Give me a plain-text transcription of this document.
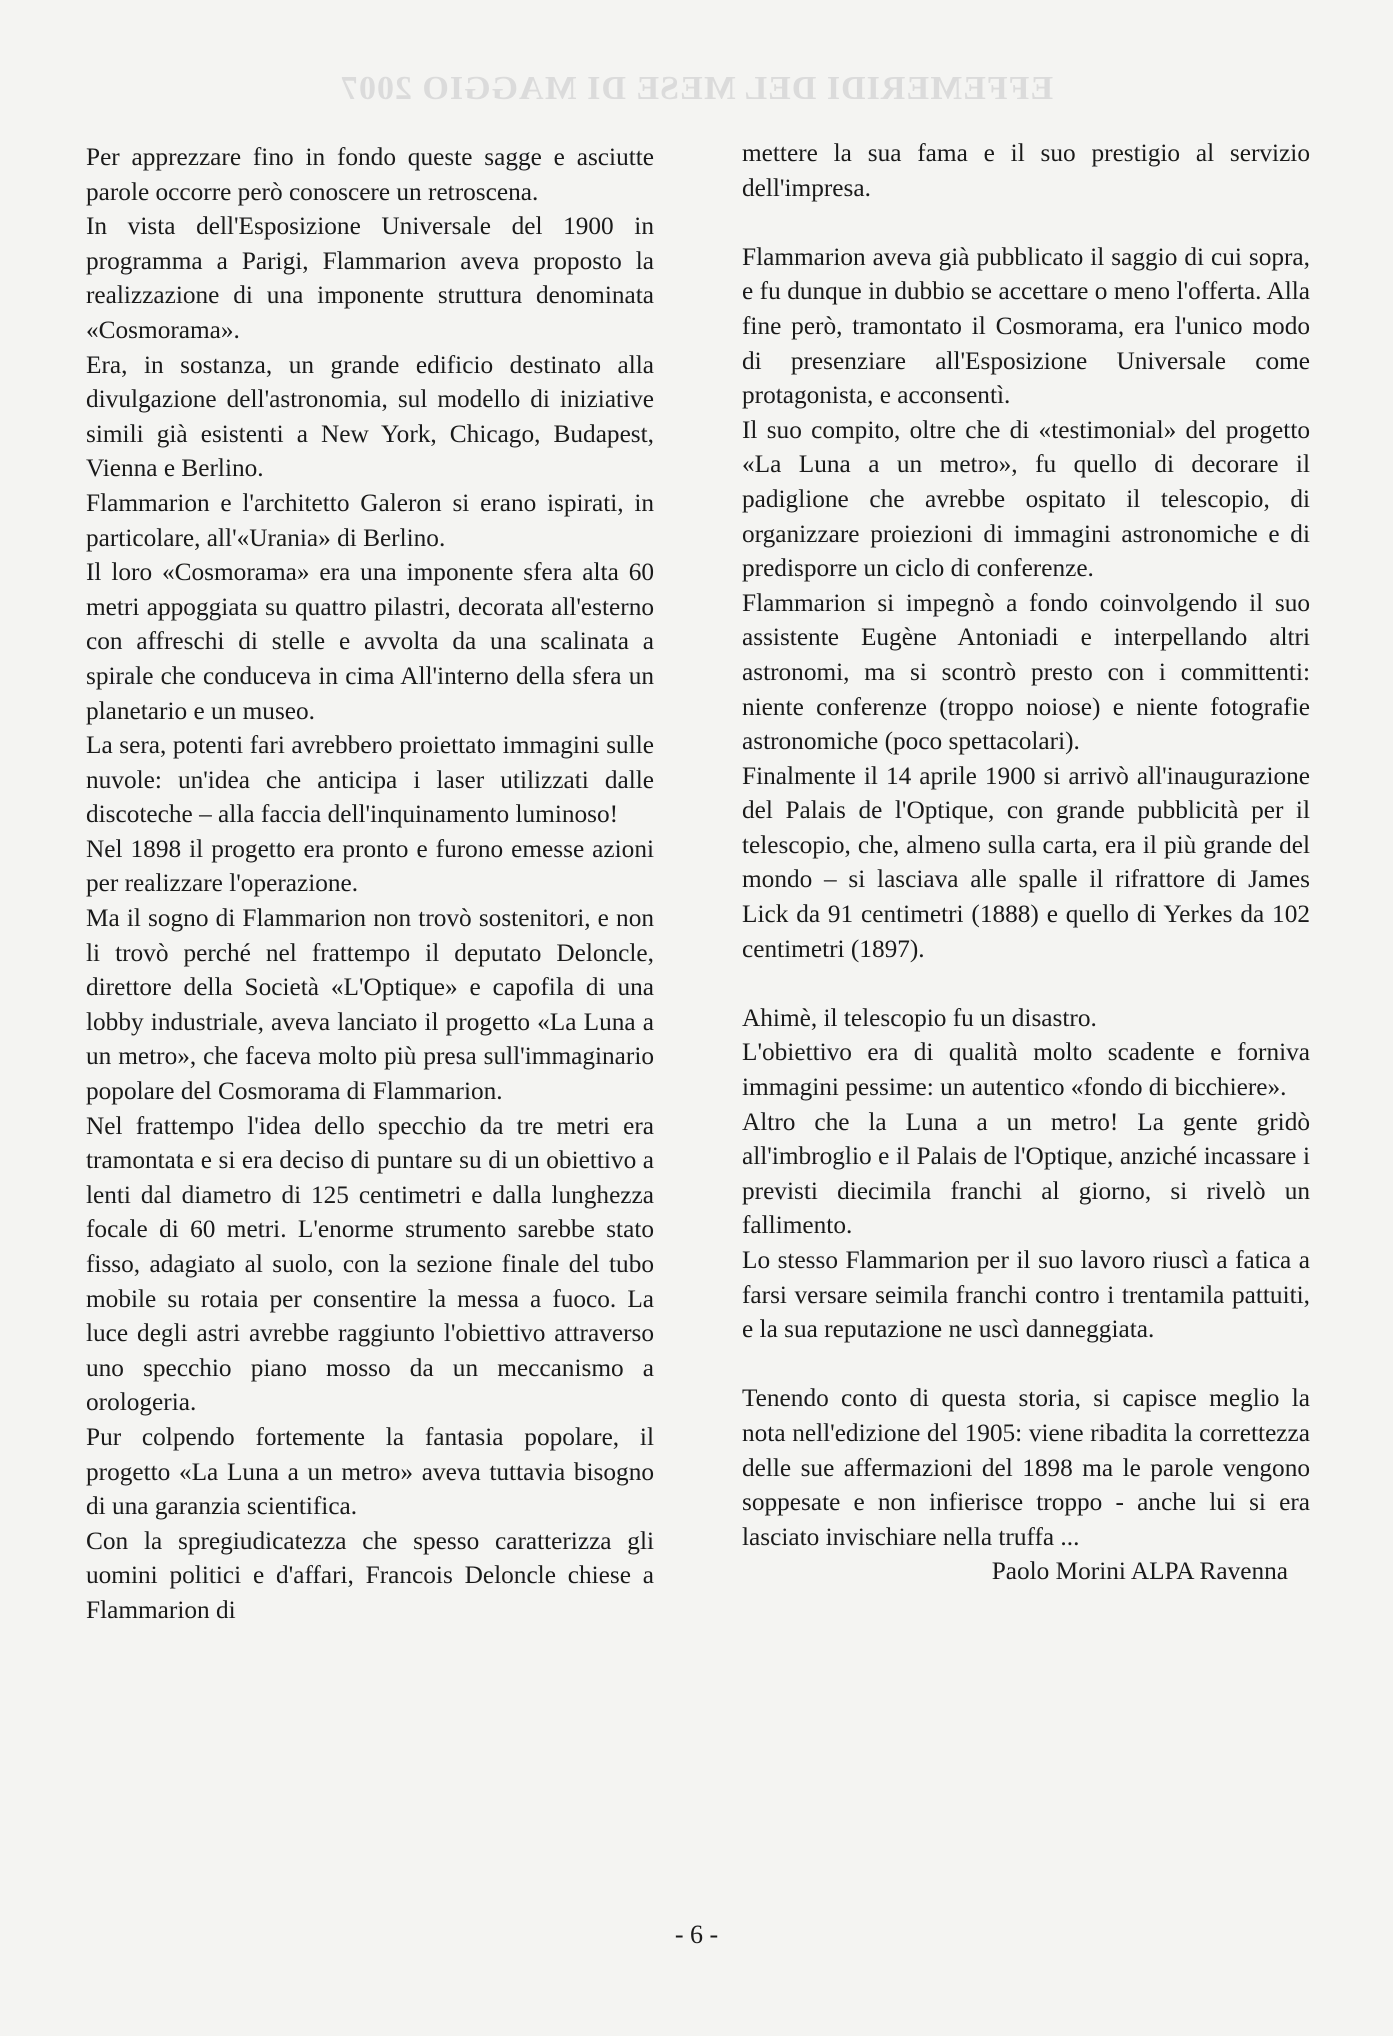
EFFEMERIDI DEL MESE DI MAGGIO 2007

Per apprezzare fino in fondo queste sagge e asciutte parole occorre però conoscere un retroscena.

In vista dell'Esposizione Universale del 1900 in programma a Parigi, Flammarion aveva proposto la realizzazione di una imponente struttura denominata «Cosmorama».

Era, in sostanza, un grande edificio destinato alla divulgazione dell'astronomia, sul modello di iniziative simili già esistenti a New York, Chicago, Budapest, Vienna e Berlino.

Flammarion e l'architetto Galeron si erano ispirati, in particolare, all'«Urania» di Berlino.

Il loro «Cosmorama» era una imponente sfera alta 60 metri appoggiata su quattro pilastri, decorata all'esterno con affreschi di stelle e avvolta da una scalinata a spirale che conduceva in cima All'interno della sfera un planetario e un museo.

La sera, potenti fari avrebbero proiettato immagini sulle nuvole: un'idea che anticipa i laser utilizzati dalle discoteche – alla faccia dell'inquinamento luminoso!

Nel 1898 il progetto era pronto e furono emesse azioni per realizzare l'operazione.

Ma il sogno di Flammarion non trovò sostenitori, e non li trovò perché nel frattempo il deputato Deloncle, direttore della Società «L'Optique» e capofila di una lobby industriale, aveva lanciato il progetto «La Luna a un metro», che faceva molto più presa sull'immaginario popolare del Cosmorama di Flammarion.

Nel frattempo l'idea dello specchio da tre metri era tramontata e si era deciso di puntare su di un obiettivo a lenti dal diametro di 125 centimetri e dalla lunghezza focale di 60 metri. L'enorme strumento sarebbe stato fisso, adagiato al suolo, con la sezione finale del tubo mobile su rotaia per consentire la messa a fuoco. La luce degli astri avrebbe raggiunto l'obiettivo attraverso uno specchio piano mosso da un meccanismo a orologeria.

Pur colpendo fortemente la fantasia popolare, il progetto «La Luna a un metro» aveva tuttavia bisogno di una garanzia scientifica.

Con la spregiudicatezza che spesso caratterizza gli uomini politici e d'affari, Francois Deloncle chiese a Flammarion di

mettere la sua fama e il suo prestigio al servizio dell'impresa.

Flammarion aveva già pubblicato il saggio di cui sopra, e fu dunque in dubbio se accettare o meno l'offerta. Alla fine però, tramontato il Cosmorama, era l'unico modo di presenziare all'Esposizione Universale come protagonista, e acconsentì.

Il suo compito, oltre che di «testimonial» del progetto «La Luna a un metro», fu quello di decorare il padiglione che avrebbe ospitato il telescopio, di organizzare proiezioni di immagini astronomiche e di predisporre un ciclo di conferenze.

Flammarion si impegnò a fondo coinvolgendo il suo assistente Eugène Antoniadi e interpellando altri astronomi, ma si scontrò presto con i committenti: niente conferenze (troppo noiose) e niente fotografie astronomiche (poco spettacolari).

Finalmente il 14 aprile 1900 si arrivò all'inaugurazione del Palais de l'Optique, con grande pubblicità per il telescopio, che, almeno sulla carta, era il più grande del mondo – si lasciava alle spalle il rifrattore di James Lick da 91 centimetri (1888) e quello di Yerkes da 102 centimetri (1897).

Ahimè, il telescopio fu un disastro.

L'obiettivo era di qualità molto scadente e forniva immagini pessime: un autentico «fondo di bicchiere».

Altro che la Luna a un metro! La gente gridò all'imbroglio e il Palais de l'Optique, anziché incassare i previsti diecimila franchi al giorno, si rivelò un fallimento.

Lo stesso Flammarion per il suo lavoro riuscì a fatica a farsi versare seimila franchi contro i trentamila pattuiti, e la sua reputazione ne uscì danneggiata.

Tenendo conto di questa storia, si capisce meglio la nota nell'edizione del 1905: viene ribadita la correttezza delle sue affermazioni del 1898 ma le parole vengono soppesate e non infierisce troppo - anche lui si era lasciato invischiare nella truffa ...

Paolo Morini ALPA Ravenna

- 6 -
